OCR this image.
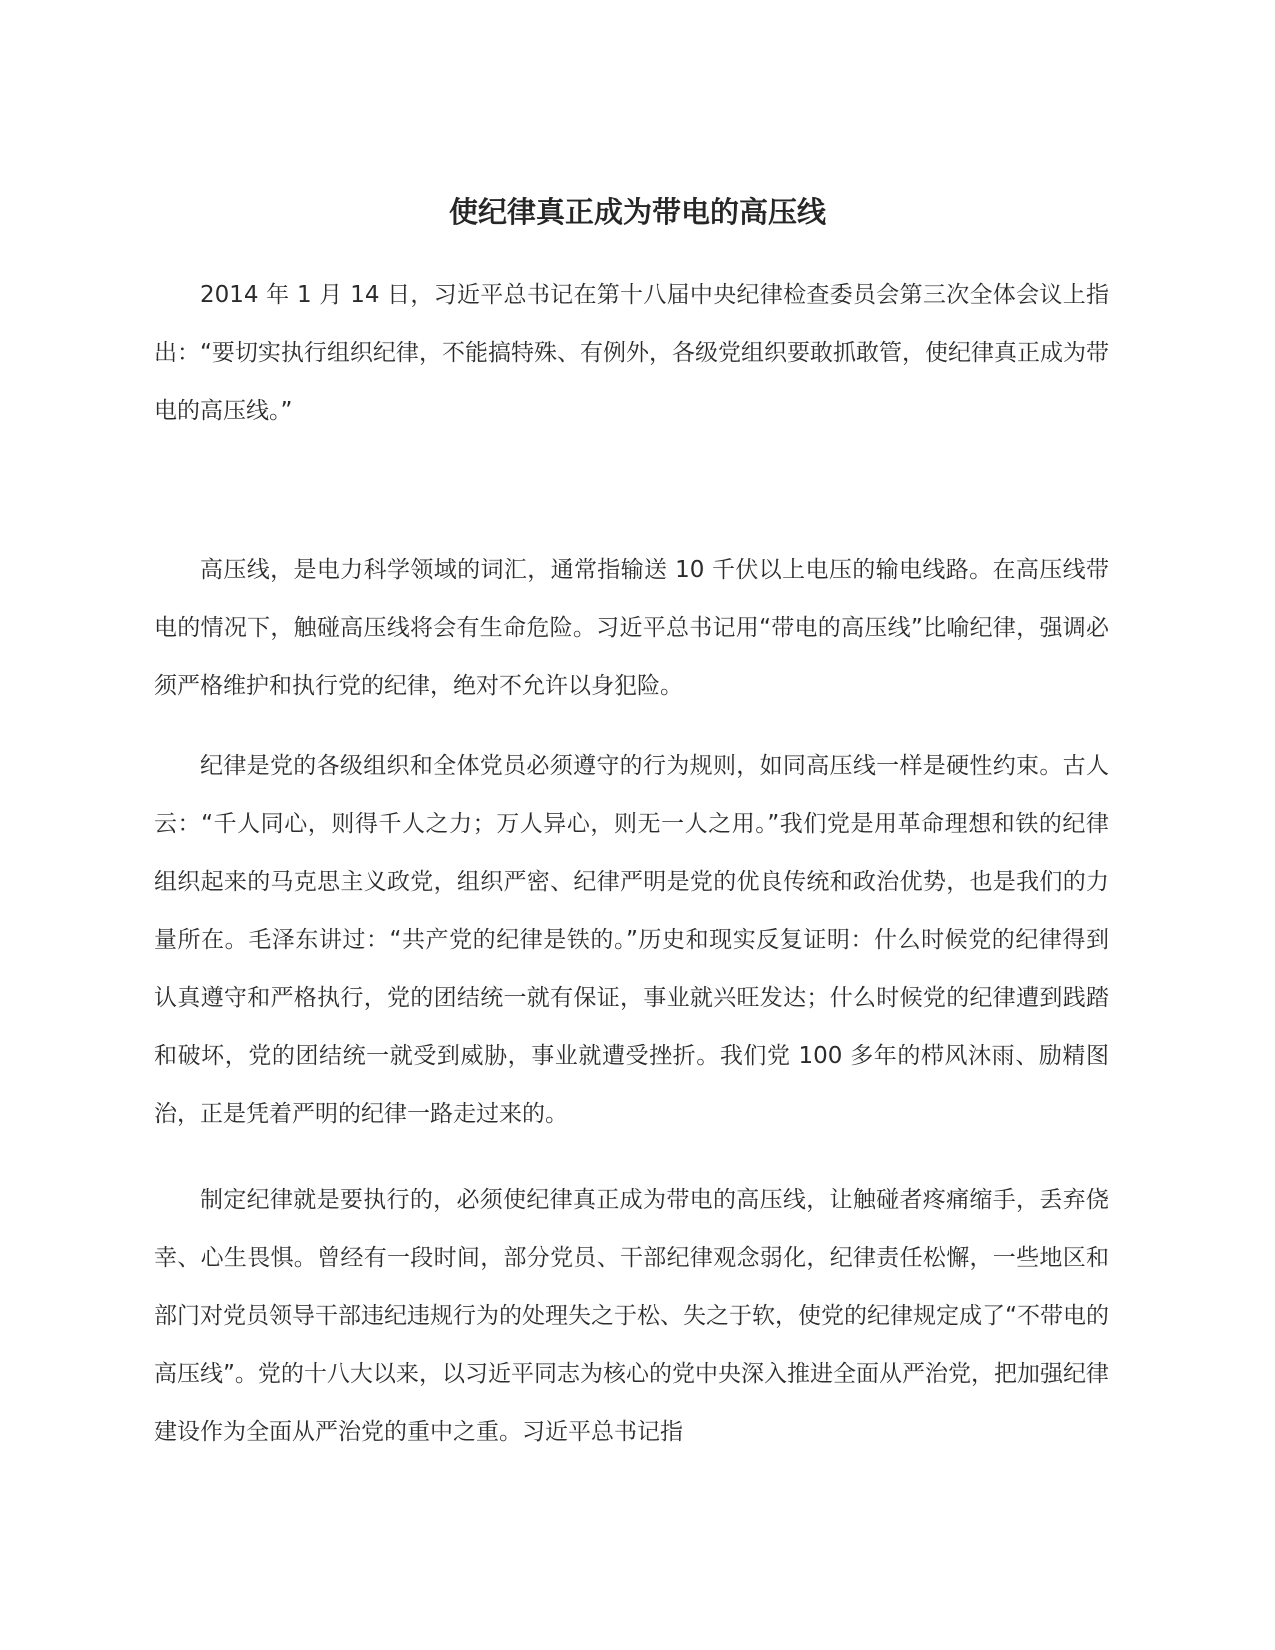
使纪律真正成为带电的高压线

2014 年 1 月 14 日，习近平总书记在第十八届中央纪律检查委员会第三次全体会议上指出：“要切实执行组织纪律，不能搞特殊、有例外，各级党组织要敢抓敢管，使纪律真正成为带电的高压线。”

高压线，是电力科学领域的词汇，通常指输送 10 千伏以上电压的输电线路。在高压线带电的情况下，触碰高压线将会有生命危险。习近平总书记用“带电的高压线”比喻纪律，强调必须严格维护和执行党的纪律，绝对不允许以身犯险。

纪律是党的各级组织和全体党员必须遵守的行为规则，如同高压线一样是硬性约束。古人云：“千人同心，则得千人之力；万人异心，则无一人之用。”我们党是用革命理想和铁的纪律组织起来的马克思主义政党，组织严密、纪律严明是党的优良传统和政治优势，也是我们的力量所在。毛泽东讲过：“共产党的纪律是铁的。”历史和现实反复证明：什么时候党的纪律得到认真遵守和严格执行，党的团结统一就有保证，事业就兴旺发达；什么时候党的纪律遭到践踏和破坏，党的团结统一就受到威胁，事业就遭受挫折。我们党 100 多年的栉风沐雨、励精图治，正是凭着严明的纪律一路走过来的。

制定纪律就是要执行的，必须使纪律真正成为带电的高压线，让触碰者疼痛缩手，丢弃侥幸、心生畏惧。曾经有一段时间，部分党员、干部纪律观念弱化，纪律责任松懈，一些地区和部门对党员领导干部违纪违规行为的处理失之于松、失之于软，使党的纪律规定成了“不带电的高压线”。党的十八大以来，以习近平同志为核心的党中央深入推进全面从严治党，把加强纪律建设作为全面从严治党的重中之重。习近平总书记指
